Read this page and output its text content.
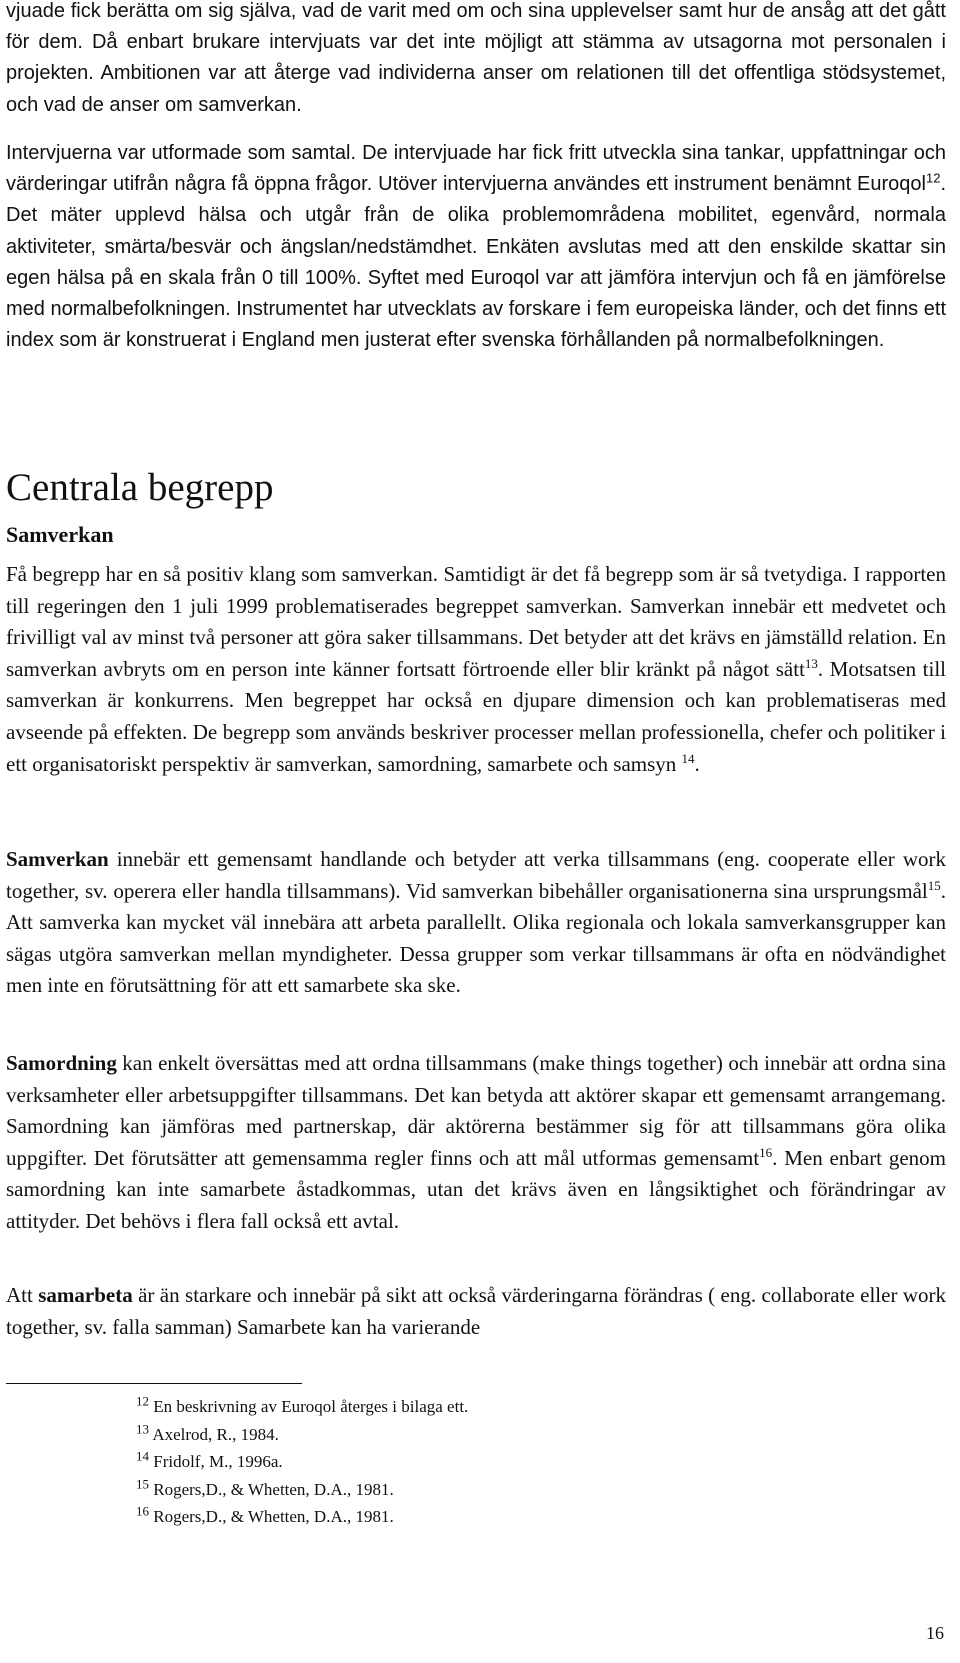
vjuade fick berätta om sig själva, vad de varit med om och sina upplevelser samt hur de ansåg att det gått för dem. Då enbart brukare intervjuats var det inte möjligt att stämma av utsagorna mot personalen i projekten. Ambitionen var att återge vad individerna anser om relationen till det offentliga stödsystemet, och vad de anser om samverkan.

Intervjuerna var utformade som samtal. De intervjuade har fick fritt utveckla sina tankar, uppfattningar och värderingar utifrån några få öppna frågor. Utöver intervjuerna användes ett instrument benämnt Euroqol$^{12}$. Det mäter upplevd hälsa och utgår från de olika problemområdena mobilitet, egenvård, normala aktiviteter, smärta/besvär och ängslan/nedstämdhet. Enkäten avslutas med att den enskilde skattar sin egen hälsa på en skala från 0 till 100%. Syftet med Euroqol var att jämföra intervjun och få en jämförelse med normalbefolkningen. Instrumentet har utvecklats av forskare i fem europeiska länder, och det finns ett index som är konstruerat i England men justerat efter svenska förhållanden på normalbefolkningen.

Centrala begrepp
Samverkan

Få begrepp har en så positiv klang som samverkan. Samtidigt är det få begrepp som är så tvetydiga. I rapporten till regeringen den 1 juli 1999 problematiserades begreppet samverkan. Samverkan innebär ett medvetet och frivilligt val av minst två personer att göra saker tillsammans. Det betyder att det krävs en jämställd relation. En samverkan avbryts om en person inte känner fortsatt förtroende eller blir kränkt på något sätt$^{13}$. Motsatsen till samverkan är konkurrens. Men begreppet har också en djupare dimension och kan problematiseras med avseende på effekten. De begrepp som används beskriver processer mellan professionella, chefer och politiker i ett organisatoriskt perspektiv är samverkan, samordning, samarbete och samsyn $^{14}$.

Samverkan innebär ett gemensamt handlande och betyder att verka tillsammans (eng. cooperate eller work together, sv. operera eller handla tillsammans). Vid samverkan bibehåller organisationerna sina ursprungsmål$^{15}$. Att samverka kan mycket väl innebära att arbeta parallellt. Olika regionala och lokala samverkansgrupper kan sägas utgöra samverkan mellan myndigheter. Dessa grupper som verkar tillsammans är ofta en nödvändighet men inte en förutsättning för att ett samarbete ska ske.

Samordning kan enkelt översättas med att ordna tillsammans (make things together) och innebär att ordna sina verksamheter eller arbetsuppgifter tillsammans. Det kan betyda att aktörer skapar ett gemensamt arrangemang. Samordning kan jämföras med partnerskap, där aktörerna bestämmer sig för att tillsammans göra olika uppgifter. Det förutsätter att gemensamma regler finns och att mål utformas gemensamt$^{16}$. Men enbart genom samordning kan inte samarbete åstadkommas, utan det krävs även en långsiktighet och förändringar av attityder. Det behövs i flera fall också ett avtal.

Att samarbeta är än starkare och innebär på sikt att också värderingarna förändras ( eng. collaborate eller work together, sv. falla samman) Samarbete kan ha varierande

$^{12}$ En beskrivning av Euroqol återges i bilaga ett.
$^{13}$ Axelrod, R., 1984.
$^{14}$ Fridolf, M., 1996a.
$^{15}$ Rogers,D., & Whetten, D.A., 1981.
$^{16}$ Rogers,D., & Whetten, D.A., 1981.
16
